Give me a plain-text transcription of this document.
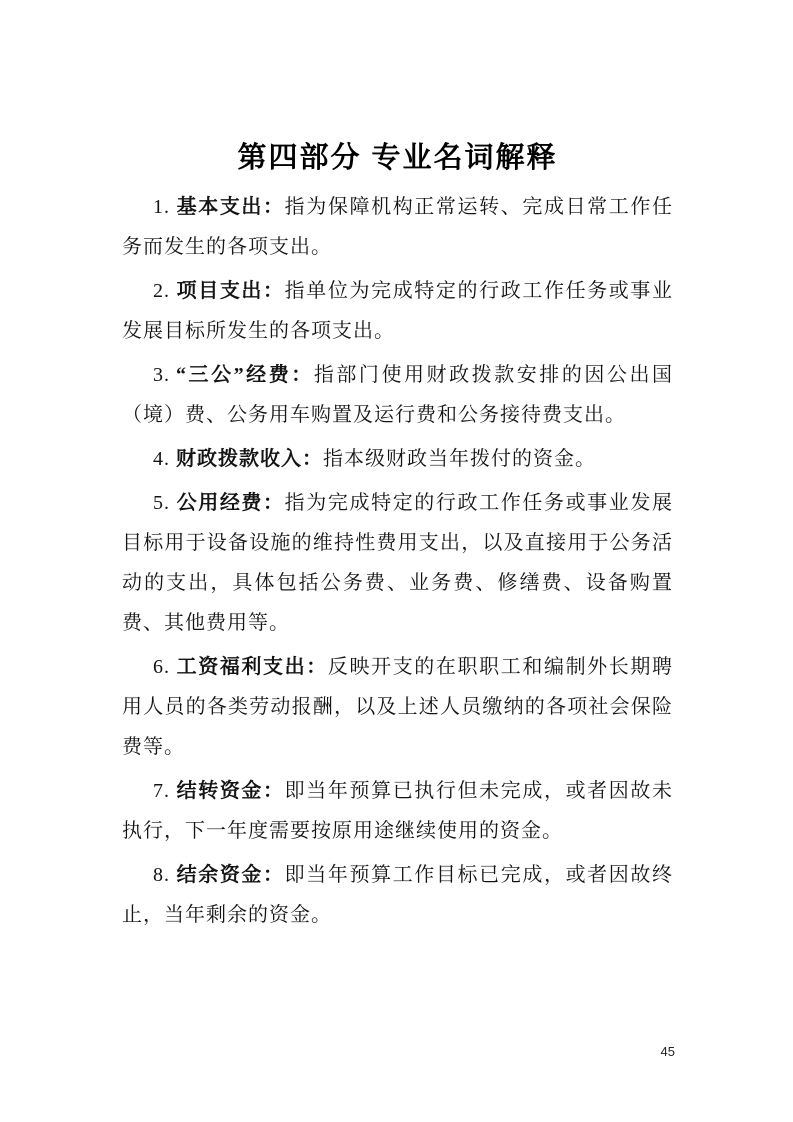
第四部分 专业名词解释

1. 基本支出：指为保障机构正常运转、完成日常工作任务而发生的各项支出。

2. 项目支出：指单位为完成特定的行政工作任务或事业发展目标所发生的各项支出。

3. “三公”经费：指部门使用财政拨款安排的因公出国（境）费、公务用车购置及运行费和公务接待费支出。

4. 财政拨款收入：指本级财政当年拨付的资金。

5. 公用经费：指为完成特定的行政工作任务或事业发展目标用于设备设施的维持性费用支出，以及直接用于公务活动的支出，具体包括公务费、业务费、修缮费、设备购置费、其他费用等。

6. 工资福利支出：反映开支的在职职工和编制外长期聘用人员的各类劳动报酬，以及上述人员缴纳的各项社会保险费等。

7. 结转资金：即当年预算已执行但未完成，或者因故未执行，下一年度需要按原用途继续使用的资金。

8. 结余资金：即当年预算工作目标已完成，或者因故终止，当年剩余的资金。

45
